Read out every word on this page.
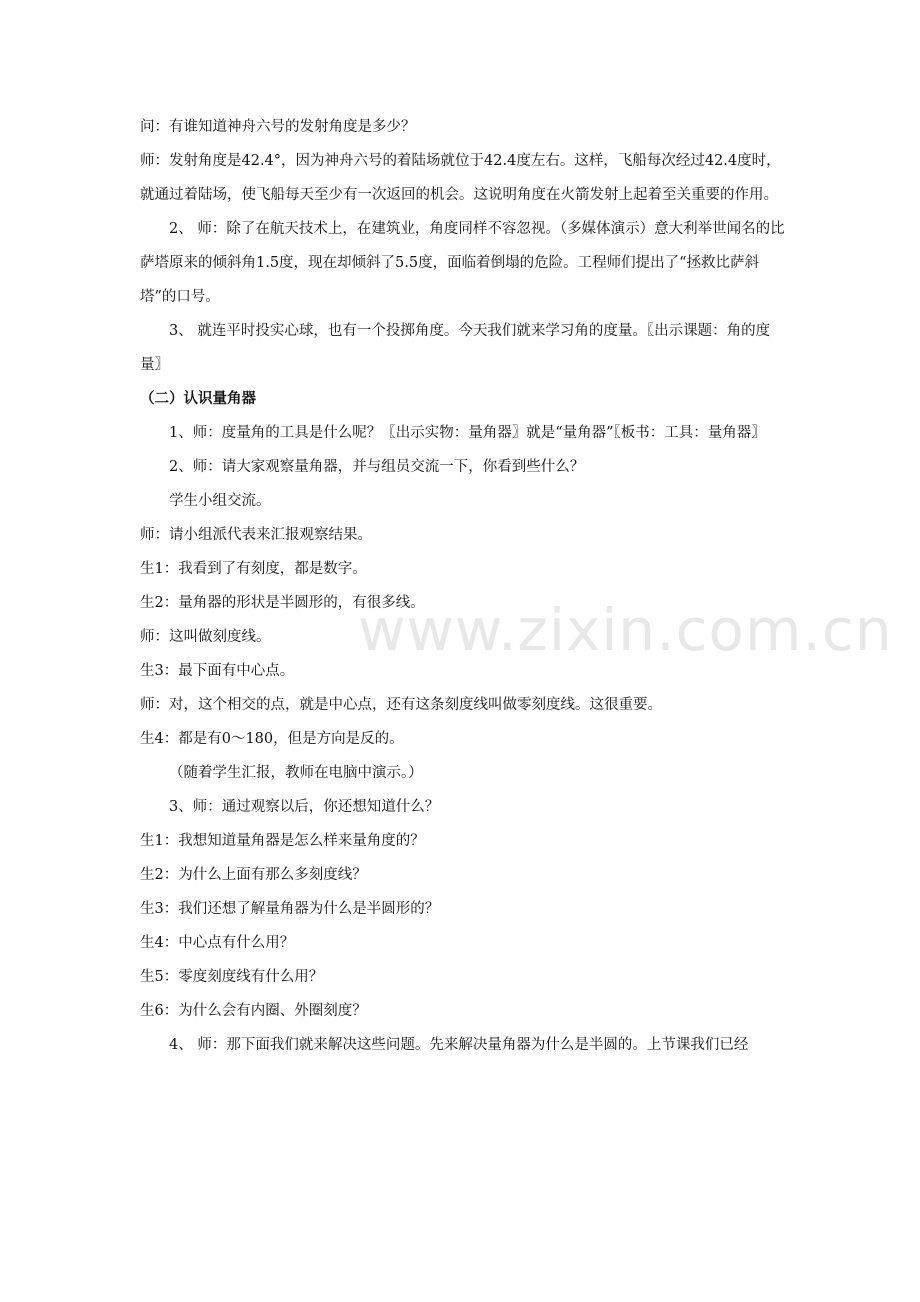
www.zixin.com.cn

问：有谁知道神舟六号的发射角度是多少？

师：发射角度是42.4°，因为神舟六号的着陆场就位于42.4度左右。这样，飞船每次经过42.4度时，就通过着陆场，使飞船每天至少有一次返回的机会。这说明角度在火箭发射上起着至关重要的作用。

2、 师：除了在航天技术上，在建筑业，角度同样不容忽视。（多媒体演示）意大利举世闻名的比萨塔原来的倾斜角1.5度，现在却倾斜了5.5度，面临着倒塌的危险。工程师们提出了“拯救比萨斜塔”的口号。

3、 就连平时投实心球，也有一个投掷角度。今天我们就来学习角的度量。〖出示课题：角的度量〗

（二）认识量角器

1、师：度量角的工具是什么呢？〖出示实物：量角器〗就是“量角器”〖板书：工具：量角器〗

2、师：请大家观察量角器，并与组员交流一下，你看到些什么？

学生小组交流。

师：请小组派代表来汇报观察结果。

生1：我看到了有刻度，都是数字。

生2：量角器的形状是半圆形的，有很多线。

师：这叫做刻度线。

生3：最下面有中心点。

师：对，这个相交的点，就是中心点，还有这条刻度线叫做零刻度线。这很重要。

生4：都是有0～180，但是方向是反的。

（随着学生汇报，教师在电脑中演示。）

3、师：通过观察以后，你还想知道什么？

生1：我想知道量角器是怎么样来量角度的？

生2：为什么上面有那么多刻度线？

生3：我们还想了解量角器为什么是半圆形的？

生4：中心点有什么用？

生5：零度刻度线有什么用？

生6：为什么会有内圈、外圈刻度？

4、 师：那下面我们就来解决这些问题。先来解决量角器为什么是半圆的。上节课我们已经
